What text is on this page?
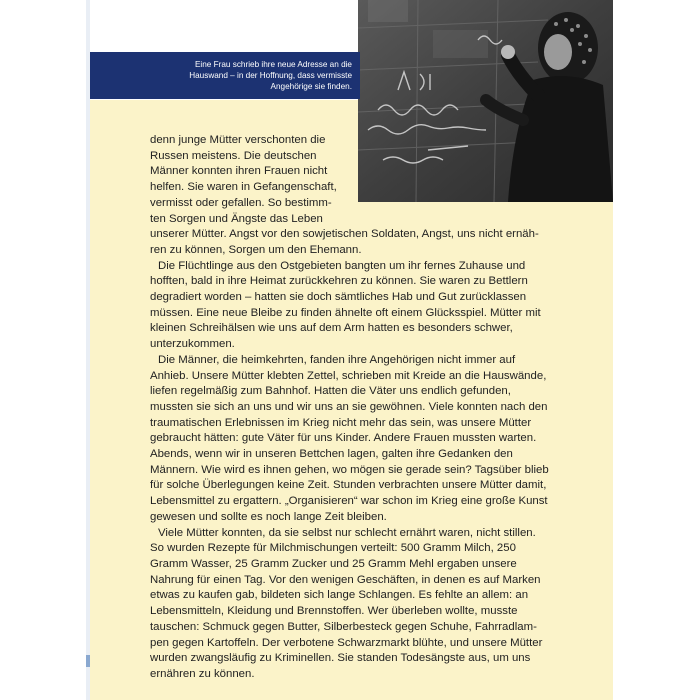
Eine Frau schrieb ihre neue Adresse an die
Hauswand – in der Hoffnung, dass vermisste
Angehörige sie finden.
denn junge Mütter verschonten die
Russen meistens. Die deutschen
Männer konnten ihren Frauen nicht
helfen. Sie waren in Gefangenschaft,
vermisst oder gefallen. So bestimm-
ten Sorgen und Ängste das Leben
unserer Mütter. Angst vor den sowjetischen Soldaten, Angst, uns nicht ernäh-
ren zu können, Sorgen um den Ehemann.
Die Flüchtlinge aus den Ostgebieten bangten um ihr fernes Zuhause und
hofften, bald in ihre Heimat zurückkehren zu können. Sie waren zu Bettlern
degradiert worden – hatten sie doch sämtliches Hab und Gut zurücklassen
müssen. Eine neue Bleibe zu finden ähnelte oft einem Glücksspiel. Mütter mit
kleinen Schreihälsen wie uns auf dem Arm hatten es besonders schwer,
unterzukommen.
Die Männer, die heimkehrten, fanden ihre Angehörigen nicht immer auf
Anhieb. Unsere Mütter klebten Zettel, schrieben mit Kreide an die Hauswände,
liefen regelmäßig zum Bahnhof. Hatten die Väter uns endlich gefunden,
mussten sie sich an uns und wir uns an sie gewöhnen. Viele konnten nach den
traumatischen Erlebnissen im Krieg nicht mehr das sein, was unsere Mütter
gebraucht hätten: gute Väter für uns Kinder. Andere Frauen mussten warten.
Abends, wenn wir in unseren Bettchen lagen, galten ihre Gedanken den
Männern. Wie wird es ihnen gehen, wo mögen sie gerade sein? Tagsüber blieb
für solche Überlegungen keine Zeit. Stunden verbrachten unsere Mütter damit,
Lebensmittel zu ergattern. „Organisieren“ war schon im Krieg eine große Kunst
gewesen und sollte es noch lange Zeit bleiben.
Viele Mütter konnten, da sie selbst nur schlecht ernährt waren, nicht stillen.
So wurden Rezepte für Milchmischungen verteilt: 500 Gramm Milch, 250
Gramm Wasser, 25 Gramm Zucker und 25 Gramm Mehl ergaben unsere
Nahrung für einen Tag. Vor den wenigen Geschäften, in denen es auf Marken
etwas zu kaufen gab, bildeten sich lange Schlangen. Es fehlte an allem: an
Lebensmitteln, Kleidung und Brennstoffen. Wer überleben wollte, musste
tauschen: Schmuck gegen Butter, Silberbesteck gegen Schuhe, Fahrradlam-
pen gegen Kartoffeln. Der verbotene Schwarzmarkt blühte, und unsere Mütter
wurden zwangsläufig zu Kriminellen. Sie standen Todesängste aus, um uns
ernähren zu können.
